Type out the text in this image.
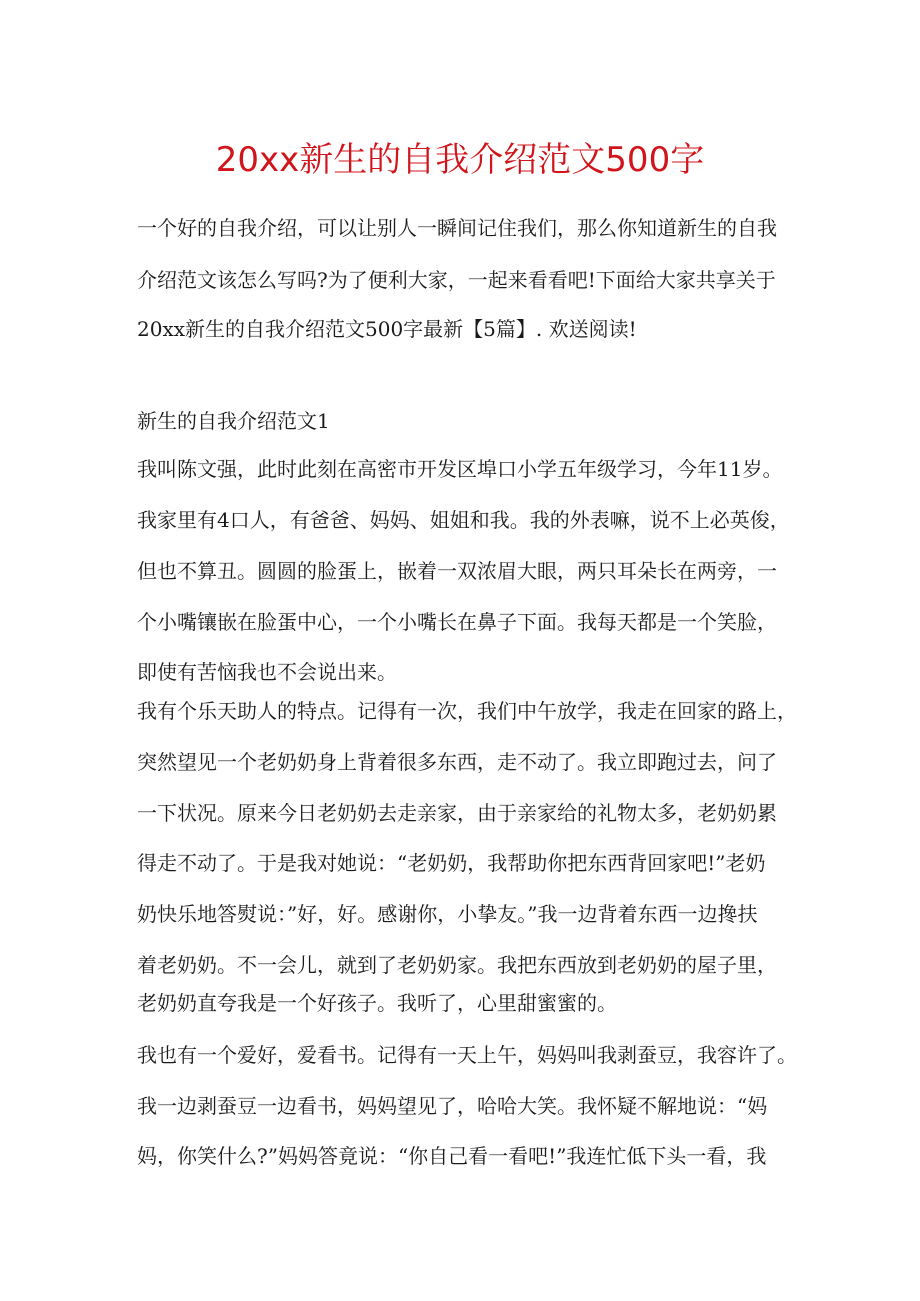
20xx新生的自我介绍范文500字
一个好的自我介绍，可以让别人一瞬间记住我们，那么你知道新生的自我
介绍范文该怎么写吗?为了便利大家，一起来看看吧!下面给大家共享关于
20xx新生的自我介绍范文500字最新【5篇】. 欢送阅读!
新生的自我介绍范文1
我叫陈文强，此时此刻在高密市开发区埠口小学五年级学习，今年11岁。
我家里有4口人，有爸爸、妈妈、姐姐和我。我的外表嘛，说不上必英俊，
但也不算丑。圆圆的脸蛋上，嵌着一双浓眉大眼，两只耳朵长在两旁，一
个小嘴镶嵌在脸蛋中心，一个小嘴长在鼻子下面。我每天都是一个笑脸，
即使有苦恼我也不会说出来。
我有个乐天助人的特点。记得有一次，我们中午放学，我走在回家的路上，
突然望见一个老奶奶身上背着很多东西，走不动了。我立即跑过去，问了
一下状况。原来今日老奶奶去走亲家，由于亲家给的礼物太多，老奶奶累
得走不动了。于是我对她说：“老奶奶，我帮助你把东西背回家吧!”老奶
奶快乐地答熨说：”好，好。感谢你，小挚友。”我一边背着东西一边搀扶
着老奶奶。不一会儿，就到了老奶奶家。我把东西放到老奶奶的屋子里，
老奶奶直夸我是一个好孩子。我听了，心里甜蜜蜜的。
我也有一个爱好，爱看书。记得有一天上午，妈妈叫我剥蚕豆，我容许了。
我一边剥蚕豆一边看书，妈妈望见了，哈哈大笑。我怀疑不解地说：“妈
妈，你笑什么?”妈妈答竟说：“你自己看一看吧!”我连忙低下头一看，我
